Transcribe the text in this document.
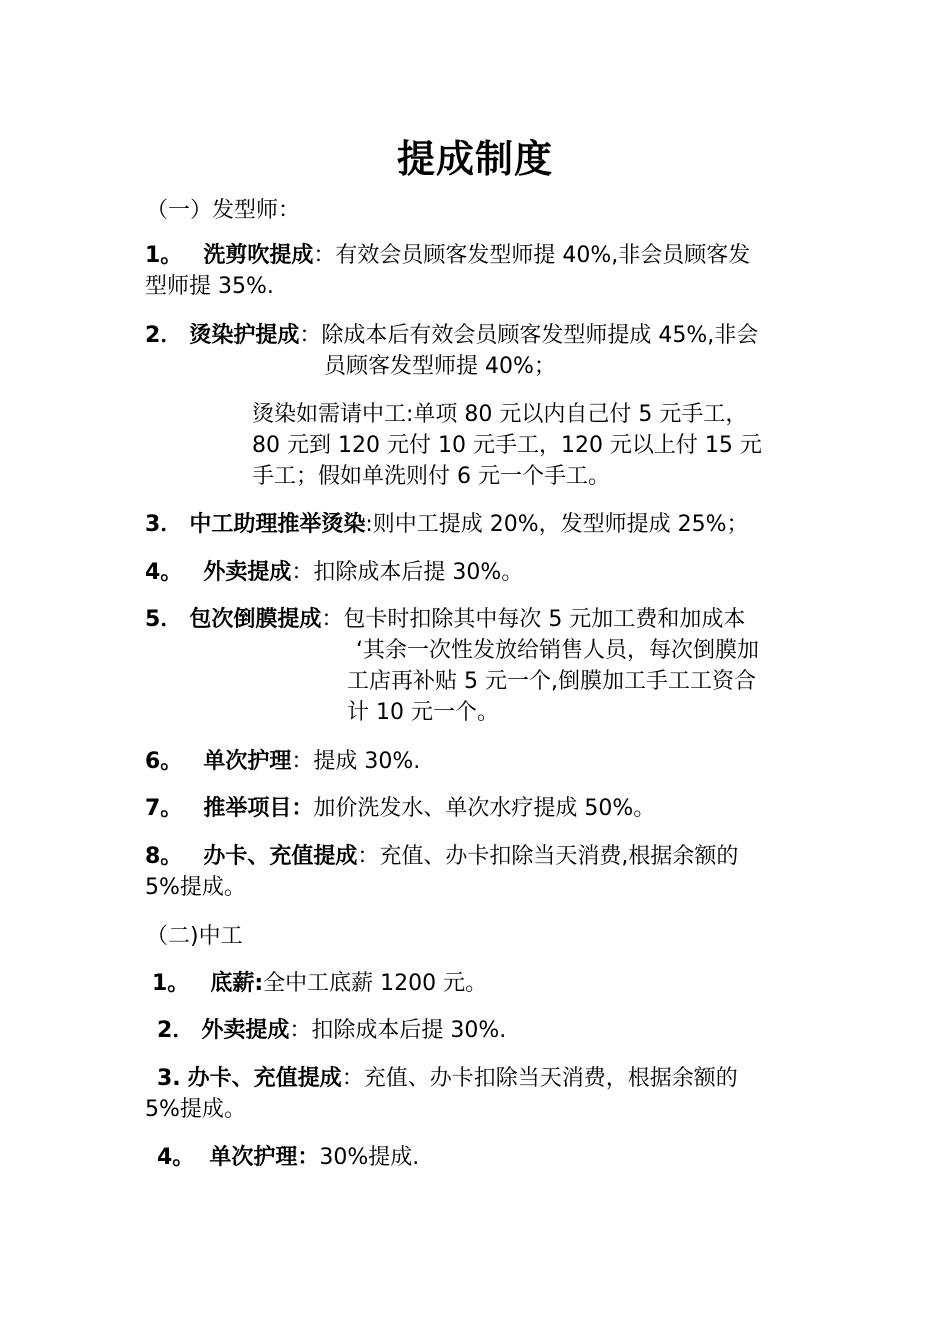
提成制度
（一）发型师：
1。 洗剪吹提成：有效会员顾客发型师提 40%,非会员顾客发
型师提 35%.
2． 烫染护提成：除成本后有效会员顾客发型师提成 45%,非会
员顾客发型师提 40%；
烫染如需请中工:单项 80 元以内自己付 5 元手工，
80 元到 120 元付 10 元手工，120 元以上付 15 元
手工；假如单洗则付 6 元一个手工。
3． 中工助理推举烫染:则中工提成 20%，发型师提成 25%；
4。 外卖提成：扣除成本后提 30%。
5． 包次倒膜提成：包卡时扣除其中每次 5 元加工费和加成本
‘其余一次性发放给销售人员，每次倒膜加
工店再补贴 5 元一个,倒膜加工手工工资合
计 10 元一个。
6。 单次护理：提成 30%.
7。 推举项目：加价洗发水、单次水疗提成 50%。
8。 办卡、充值提成：充值、办卡扣除当天消费,根据余额的
5%提成。
（二)中工
1。 底薪:全中工底薪 1200 元。
2． 外卖提成：扣除成本后提 30%.
3. 办卡、充值提成：充值、办卡扣除当天消费，根据余额的
5%提成。
4。 单次护理：30%提成.
